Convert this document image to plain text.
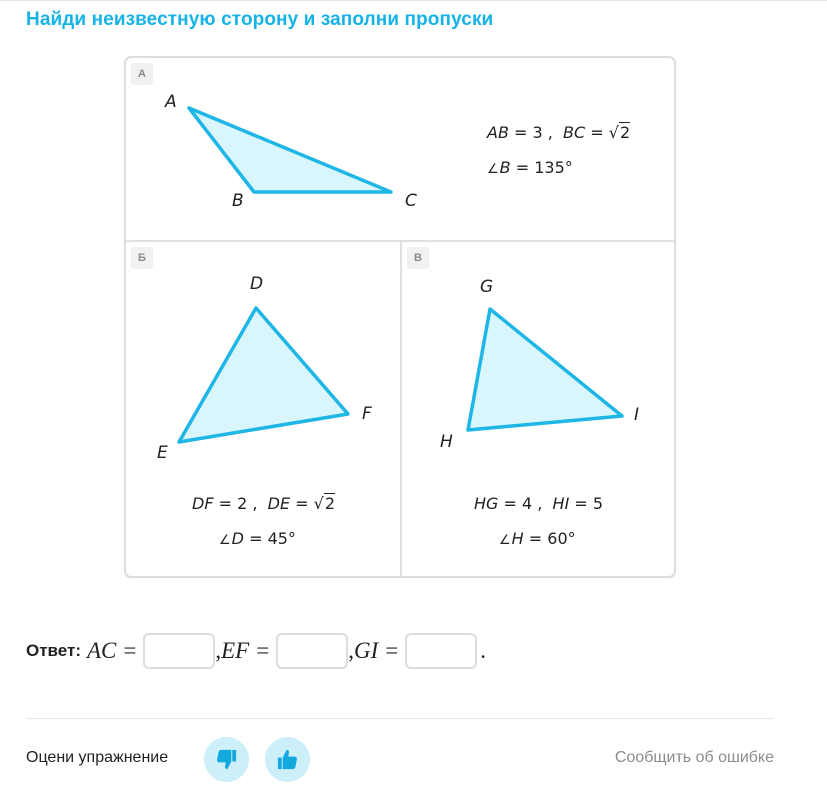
Найди неизвестную сторону и заполни пропуски
А
Б	В
A
B	C
D
E
F
G
H
I
AB = 3 ,  BC = √2
∠B = 135°
DF = 2 ,  DE = √2
∠D = 45°
HG = 4 ,  HI = 5
∠H = 60°
Ответ: AC =	,EF =	,GI =	.
Оцени упражнение	Сообщить об ошибке
